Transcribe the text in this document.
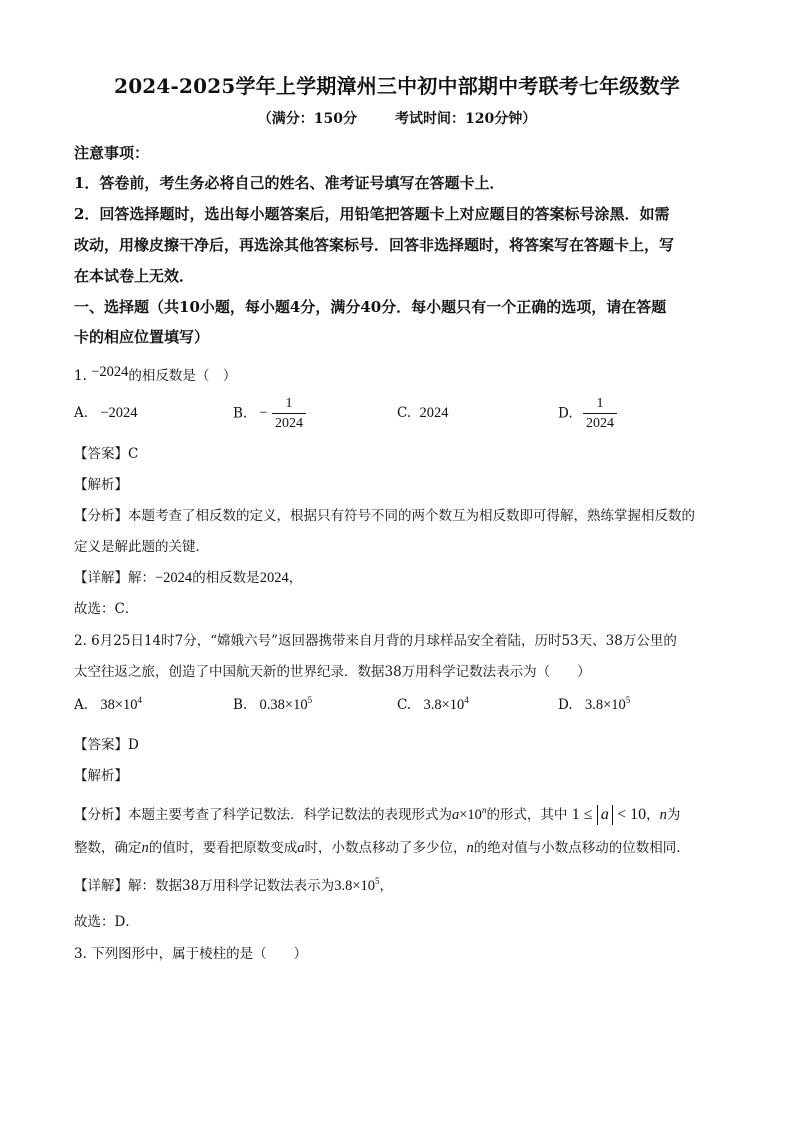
2024-2025学年上学期漳州三中初中部期中考联考七年级数学
（满分：150分	考试时间：120分钟）
注意事项：
1．答卷前，考生务必将自己的姓名、准考证号填写在答题卡上．
2．回答选择题时，选出每小题答案后，用铅笔把答题卡上对应题目的答案标号涂黑．如需
改动，用橡皮擦干净后，再选涂其他答案标号．回答非选择题时，将答案写在答题卡上，写
在本试卷上无效．
一、选择题（共10小题，每小题4分，满分40分．每小题只有一个正确的选项，请在答题
卡的相应位置填写）
1. −2024的相反数是（　）
A. −2024	B. − $\frac{1}{2024}$	C. 2024	D. $\frac{1}{2024}$
【答案】C
【解析】
【分析】本题考查了相反数的定义，根据只有符号不同的两个数互为相反数即可得解，熟练掌握相反数的
定义是解此题的关键．
【详解】解：−2024的相反数是2024，
故选：C．
2. 6月25日14时7分，“嫦娥六号”返回器携带来自月背的月球样品安全着陆，历时53天、38万公里的
太空往返之旅，创造了中国航天新的世界纪录．数据38万用科学记数法表示为（　　）
A. $38\times 10^4$	B. $0.38\times 10^5$	C. $3.8\times 10^4$	D. $3.8\times 10^5$
【答案】D
【解析】
【分析】本题主要考查了科学记数法．科学记数法的表现形式为$a\times 10^n$的形式，其中 1 ≤ a < 10，n为
整数，确定n的值时，要看把原数变成a时，小数点移动了多少位，n的绝对值与小数点移动的位数相同．
【详解】解：数据38万用科学记数法表示为$3.8\times 10^5$，
故选：D．
3. 下列图形中，属于棱柱的是（　　）
